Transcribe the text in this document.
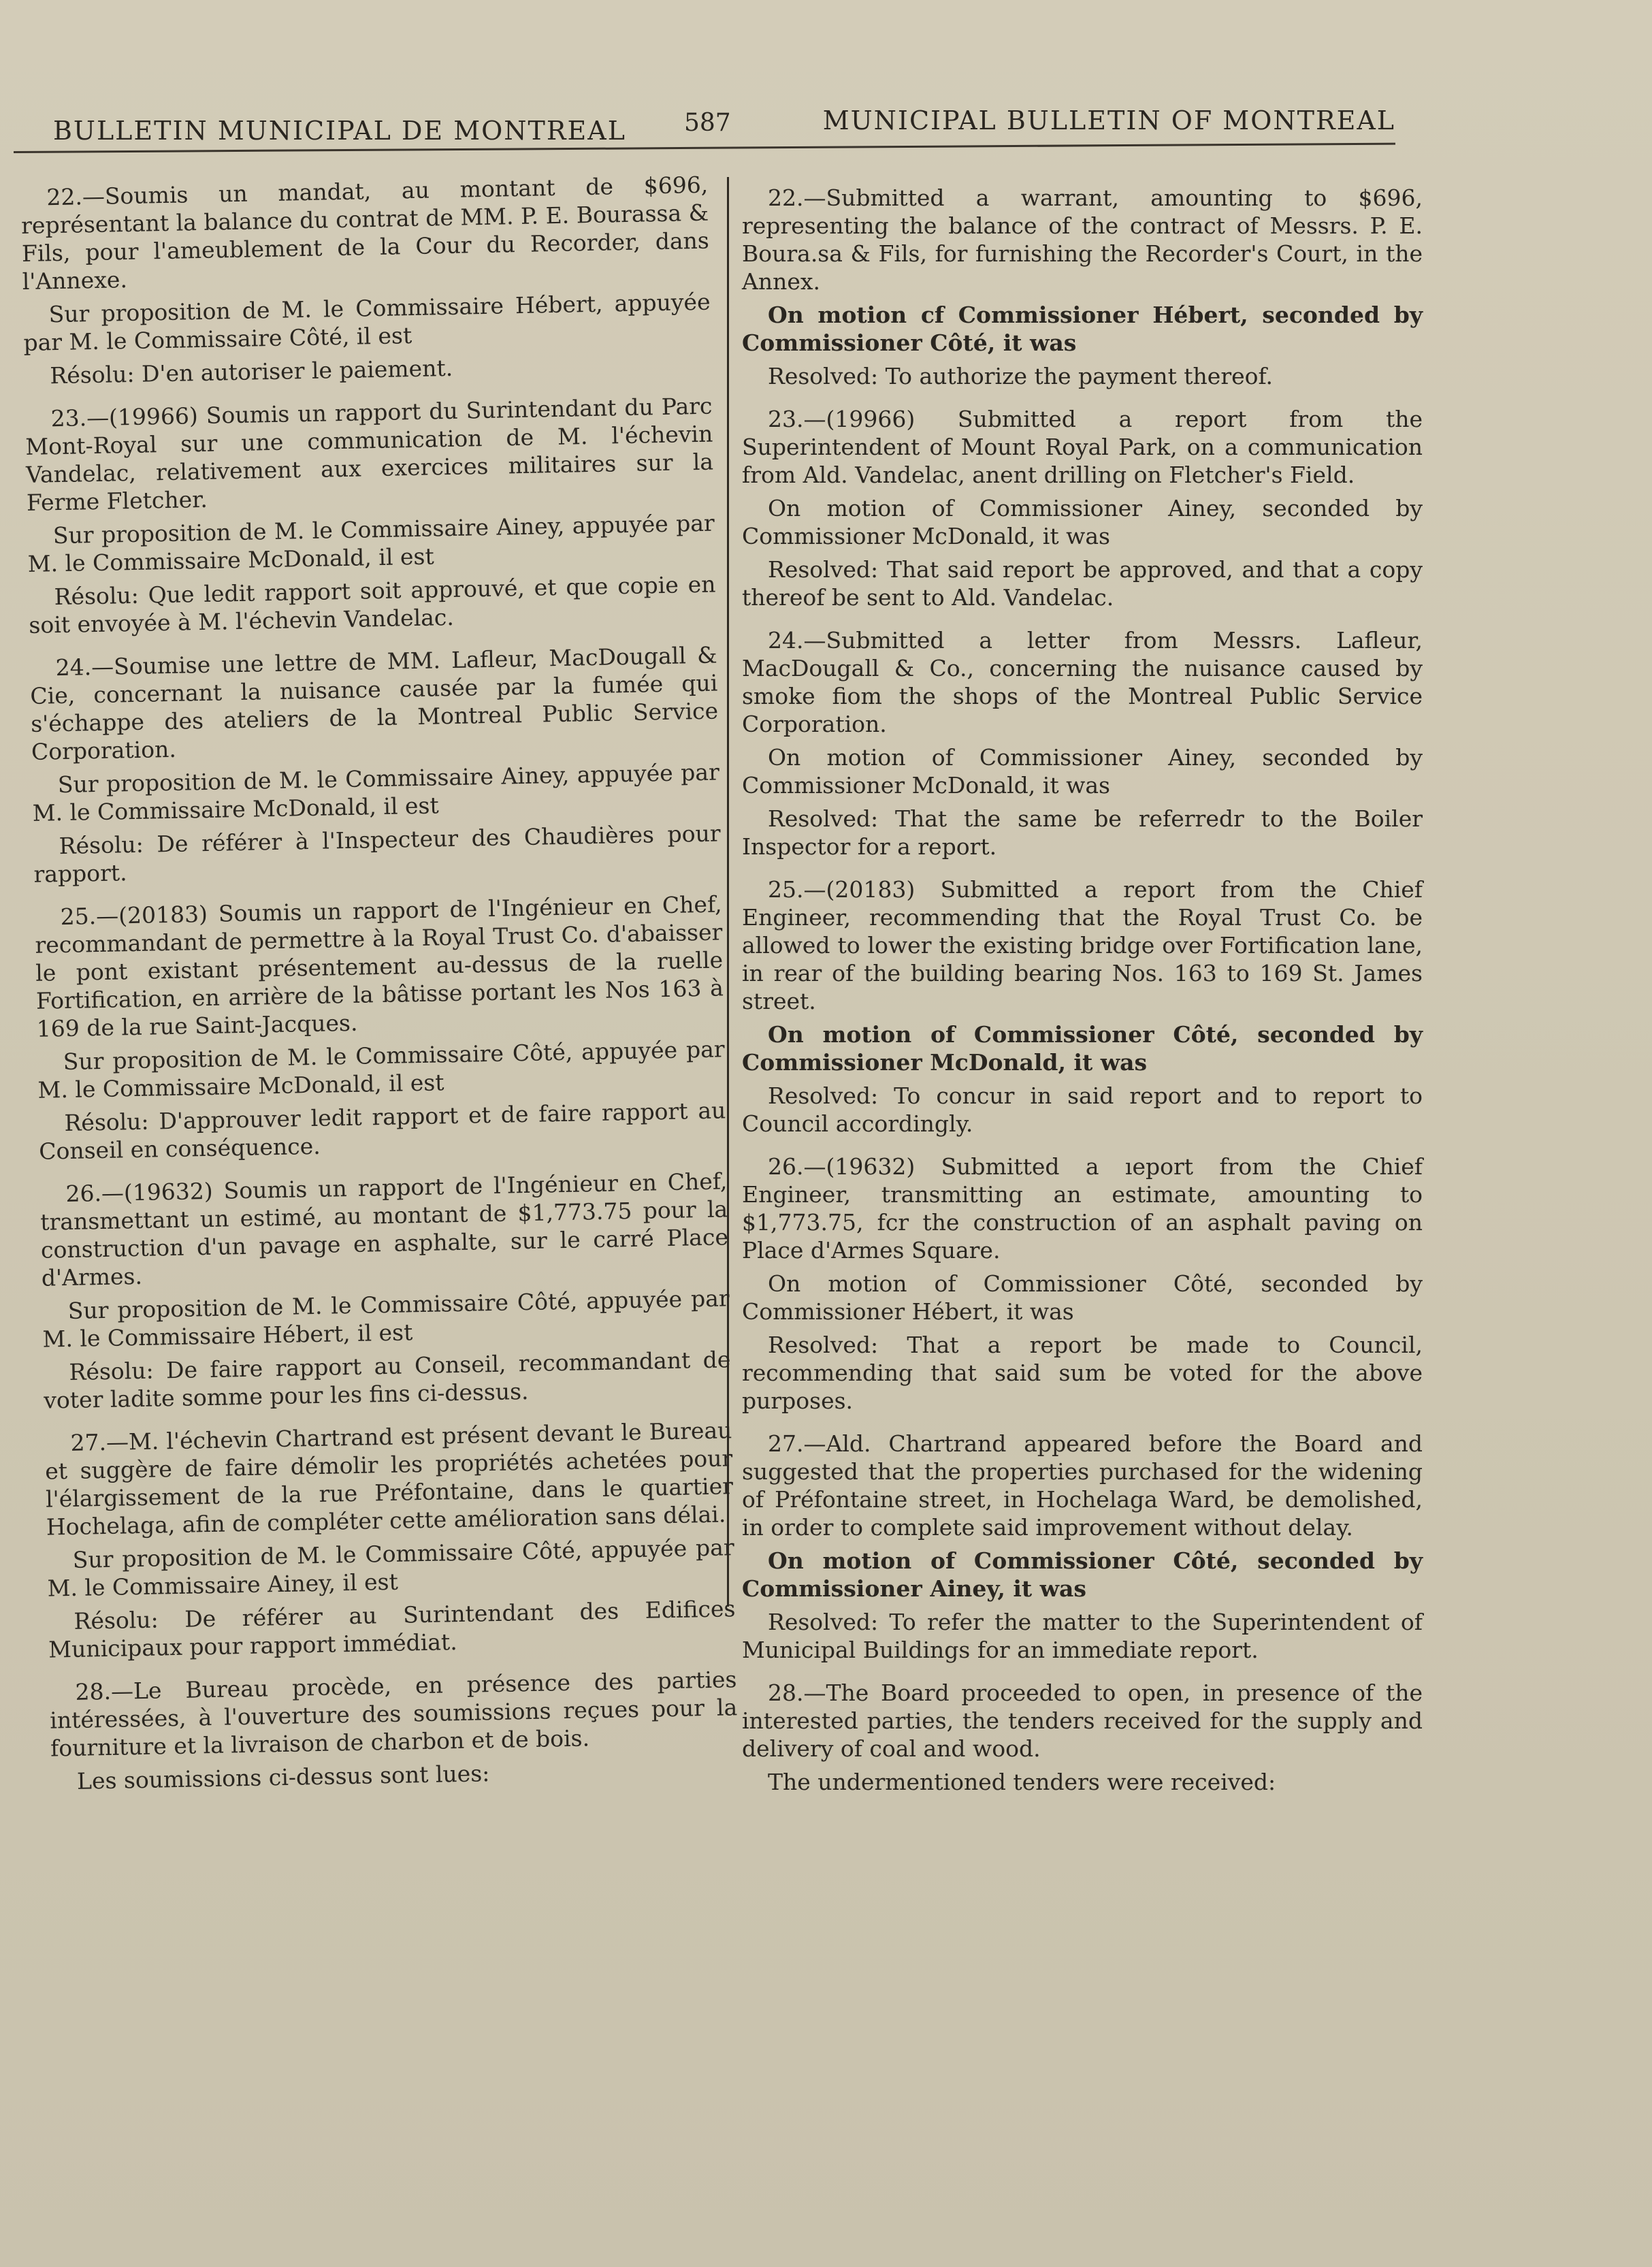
BULLETIN MUNICIPAL DE MONTREAL 587	MUNICIPAL BULLETIN OF MONTREAL

22.—Soumis un mandat, au montant de $696, représentant la balance du contrat de MM. P. E. Bourassa & Fils, pour l'ameublement de la Cour du Recorder, dans l'Annexe.

Sur proposition de M. le Commissaire Hébert, appuyée par M. le Commissaire Côté, il est

Résolu: D'en autoriser le paiement.

23.—(19966) Soumis un rapport du Surintendant du Parc Mont-Royal sur une communication de M. l'échevin Vandelac, relativement aux exercices militaires sur la Ferme Fletcher.

Sur proposition de M. le Commissaire Ainey, appuyée par M. le Commissaire McDonald, il est

Résolu: Que ledit rapport soit approuvé, et que copie en soit envoyée à M. l'échevin Vandelac.

24.—Soumise une lettre de MM. Lafleur, MacDougall & Cie, concernant la nuisance causée par la fumée qui s'échappe des ateliers de la Montreal Public Service Corporation.

Sur proposition de M. le Commissaire Ainey, appuyée par M. le Commissaire McDonald, il est

Résolu: De référer à l'Inspecteur des Chaudières pour rapport.

25.—(20183) Soumis un rapport de l'Ingénieur en Chef, recommandant de permettre à la Royal Trust Co. d'abaisser le pont existant présentement au-dessus de la ruelle Fortification, en arrière de la bâtisse portant les Nos 163 à 169 de la rue Saint-Jacques.

Sur proposition de M. le Commissaire Côté, appuyée par M. le Commissaire McDonald, il est

Résolu: D'approuver ledit rapport et de faire rapport au Conseil en conséquence.

26.—(19632) Soumis un rapport de l'Ingénieur en Chef, transmettant un estimé, au montant de $1,773.75 pour la construction d'un pavage en asphalte, sur le carré Place d'Armes.

Sur proposition de M. le Commissaire Côté, appuyée par M. le Commissaire Hébert, il est

Résolu: De faire rapport au Conseil, recommandant de voter ladite somme pour les fins ci-dessus.

27.—M. l'échevin Chartrand est présent devant le Bureau et suggère de faire démolir les propriétés achetées pour l'élargissement de la rue Préfontaine, dans le quartier Hochelaga, afin de compléter cette amélioration sans délai.

Sur proposition de M. le Commissaire Côté, appuyée par M. le Commissaire Ainey, il est

Résolu: De référer au Surintendant des Edifices Municipaux pour rapport immédiat.

28.—Le Bureau procède, en présence des parties intéressées, à l'ouverture des soumissions reçues pour la fourniture et la livraison de charbon et de bois.

Les soumissions ci-dessus sont lues:

22.—Submitted a warrant, amounting to $696, representing the balance of the contract of Messrs. P. E. Boura.sa & Fils, for furnishing the Recorder's Court, in the Annex.

On motion cf Commissioner Hébert, seconded by Commissioner Côté, it was

Resolved: To authorize the payment thereof.

23.—(19966) Submitted a report from the Superintendent of Mount Royal Park, on a communication from Ald. Vandelac, anent drilling on Fletcher's Field.

On motion of Commissioner Ainey, seconded by Commissioner McDonald, it was

Resolved: That said report be approved, and that a copy thereof be sent to Ald. Vandelac.

24.—Submitted a letter from Messrs. Lafleur, MacDougall & Co., concerning the nuisance caused by smoke fiom the shops of the Montreal Public Service Corporation.

On motion of Commissioner Ainey, seconded by Commissioner McDonald, it was

Resolved: That the same be referredr to the Boiler Inspector for a report.

25.—(20183) Submitted a report from the Chief Engineer, recommending that the Royal Trust Co. be allowed to lower the existing bridge over Fortification lane, in rear of the building bearing Nos. 163 to 169 St. James street.

On motion of Commissioner Côté, seconded by Commissioner McDonald, it was

Resolved: To concur in said report and to report to Council accordingly.

26.—(19632) Submitted a ıeport from the Chief Engineer, transmitting an estimate, amounting to $1,773.75, fcr the construction of an asphalt paving on Place d'Armes Square.

On motion of Commissioner Côté, seconded by Commissioner Hébert, it was

Resolved: That a report be made to Council, recommending that said sum be voted for the above purposes.

27.—Ald. Chartrand appeared before the Board and suggested that the properties purchased for the widening of Préfontaine street, in Hochelaga Ward, be demolished, in order to complete said improvement without delay.

On motion of Commissioner Côté, seconded by Commissioner Ainey, it was

Resolved: To refer the matter to the Superintendent of Municipal Buildings for an immediate report.

28.—The Board proceeded to open, in presence of the interested parties, the tenders received for the supply and delivery of coal and wood.

The undermentioned tenders were received:
